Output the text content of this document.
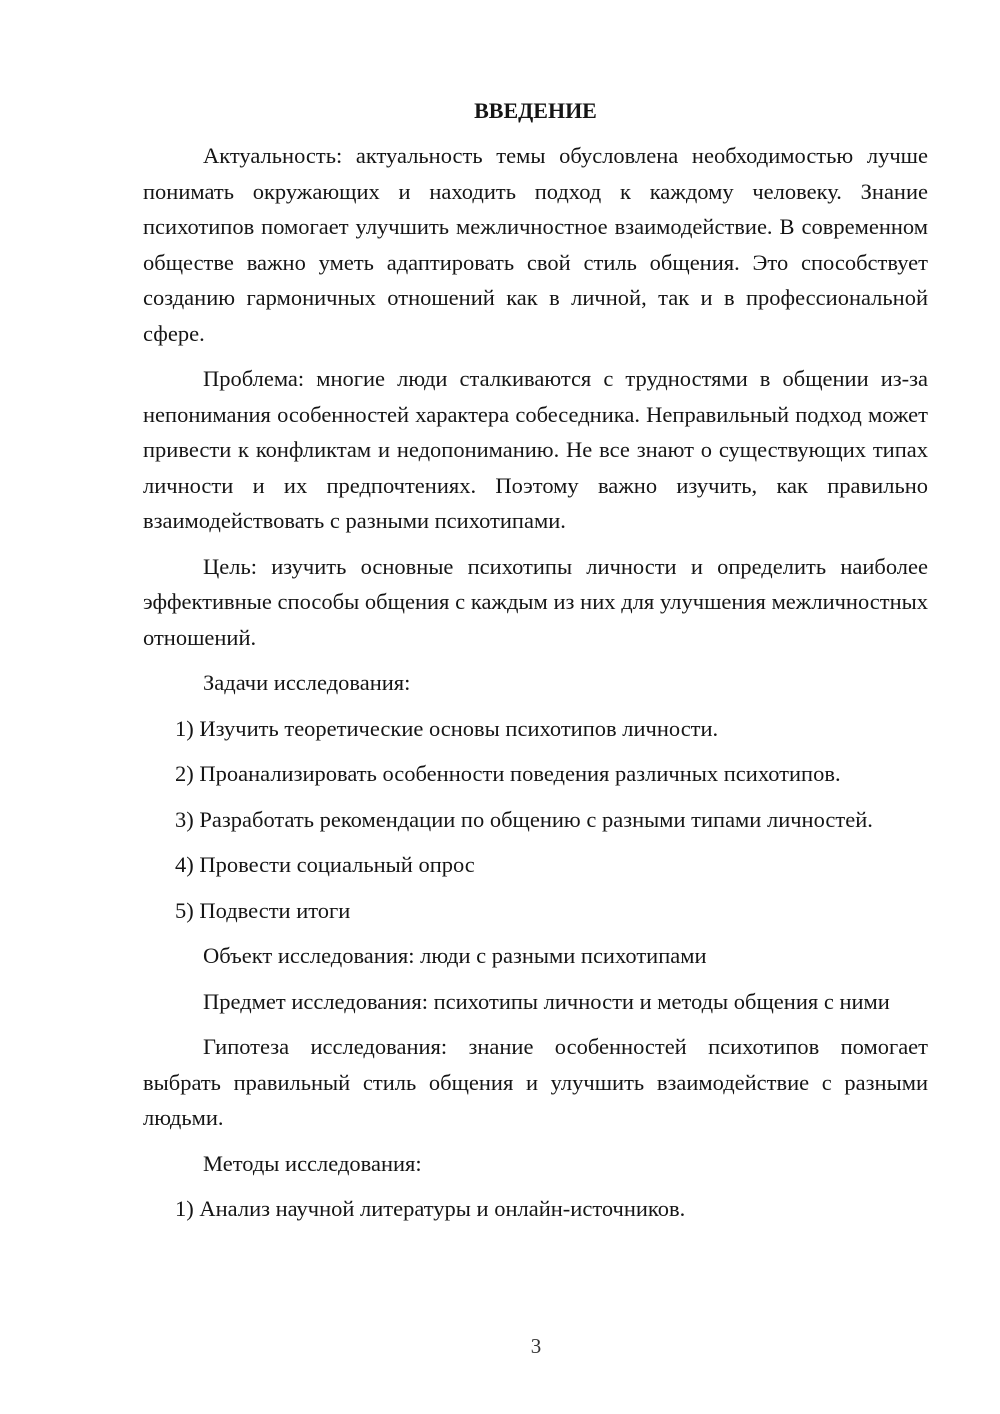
ВВЕДЕНИЕ

Актуальность: актуальность темы обусловлена необходимостью лучше понимать окружающих и находить подход к каждому человеку. Знание психотипов помогает улучшить межличностное взаимодействие. В современном обществе важно уметь адаптировать свой стиль общения. Это способствует созданию гармоничных отношений как в личной, так и в профессиональной сфере.

Проблема: многие люди сталкиваются с трудностями в общении из-за непонимания особенностей характера собеседника. Неправильный подход может привести к конфликтам и недопониманию. Не все знают о существующих типах личности и их предпочтениях. Поэтому важно изучить, как правильно взаимодействовать с разными психотипами.

Цель: изучить основные психотипы личности и определить наиболее эффективные способы общения с каждым из них для улучшения межличностных отношений.

Задачи исследования:

1) Изучить теоретические основы психотипов личности.

2) Проанализировать особенности поведения различных психотипов.

3) Разработать рекомендации по общению с разными типами личностей.

4) Провести социальный опрос

5) Подвести итоги

Объект исследования: люди с разными психотипами

Предмет исследования: психотипы личности и методы общения с ними

Гипотеза исследования: знание особенностей психотипов помогает выбрать правильный стиль общения и улучшить взаимодействие с разными людьми.

Методы исследования:

1) Анализ научной литературы и онлайн-источников.

3
